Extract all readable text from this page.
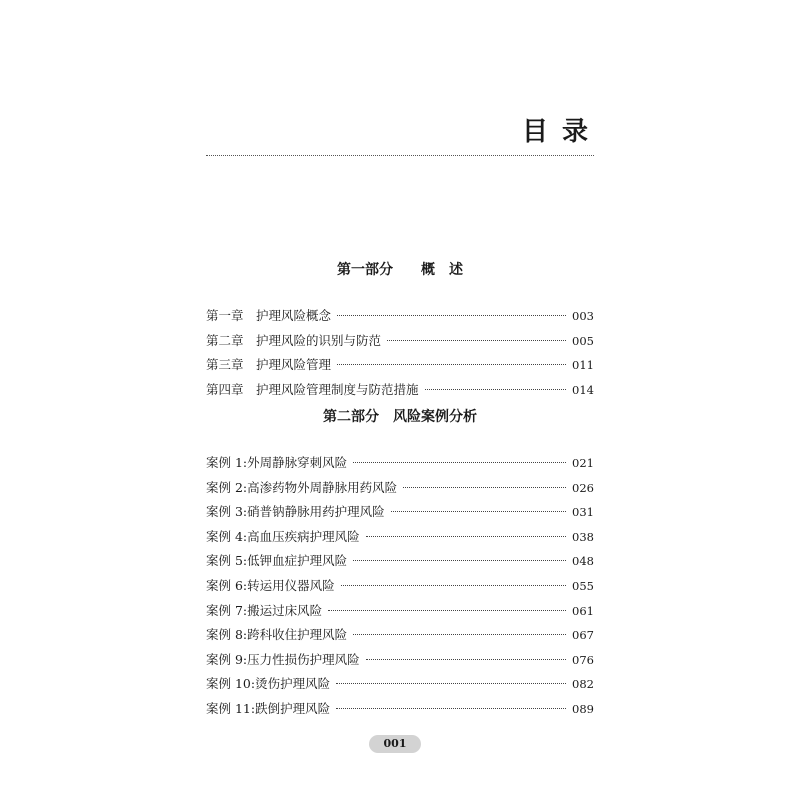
目录
第一部分　　概　述
第一章　护理风险概念	003
第二章　护理风险的识别与防范	005
第三章　护理风险管理	011
第四章　护理风险管理制度与防范措施	014
第二部分　风险案例分析
案例 1:外周静脉穿刺风险	021
案例 2:高渗药物外周静脉用药风险	026
案例 3:硝普钠静脉用药护理风险	031
案例 4:高血压疾病护理风险	038
案例 5:低钾血症护理风险	048
案例 6:转运用仪器风险	055
案例 7:搬运过床风险	061
案例 8:跨科收住护理风险	067
案例 9:压力性损伤护理风险	076
案例 10:烫伤护理风险	082
案例 11:跌倒护理风险	089
001
